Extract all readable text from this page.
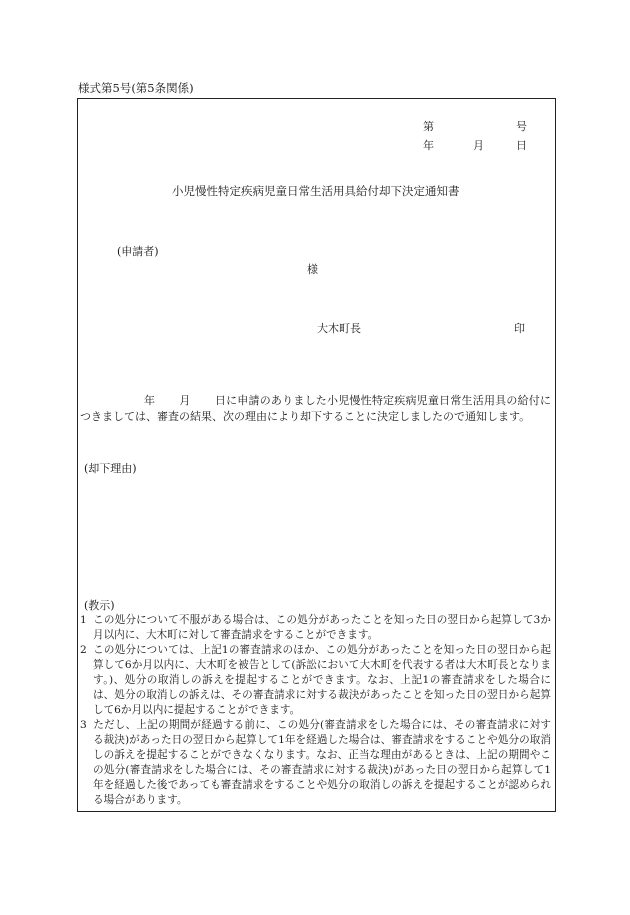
様式第5号(第5条関係)
第	号
年	月	日
小児慢性特定疾病児童日常生活用具給付却下決定通知書
(申請者)
様
大木町長	印
年 月 日に申請のありました小児慢性特定疾病児童日常生活用具の給付につきましては、審査の結果、次の理由により却下することに決定しましたので通知します。
(却下理由)
(教示)
1 この処分について不服がある場合は、この処分があったことを知った日の翌日から起算して3か月以内に、大木町に対して審査請求をすることができます。
2 この処分については、上記1の審査請求のほか、この処分があったことを知った日の翌日から起算して6か月以内に、大木町を被告として(訴訟において大木町を代表する者は大木町長となります。)、処分の取消しの訴えを提起することができます。なお、上記1の審査請求をした場合には、処分の取消しの訴えは、その審査請求に対する裁決があったことを知った日の翌日から起算して6か月以内に提起することができます。
3 ただし、上記の期間が経過する前に、この処分(審査請求をした場合には、その審査請求に対する裁決)があった日の翌日から起算して1年を経過した場合は、審査請求をすることや処分の取消しの訴えを提起することができなくなります。なお、正当な理由があるときは、上記の期間やこの処分(審査請求をした場合には、その審査請求に対する裁決)があった日の翌日から起算して1年を経過した後であっても審査請求をすることや処分の取消しの訴えを提起することが認められる場合があります。
